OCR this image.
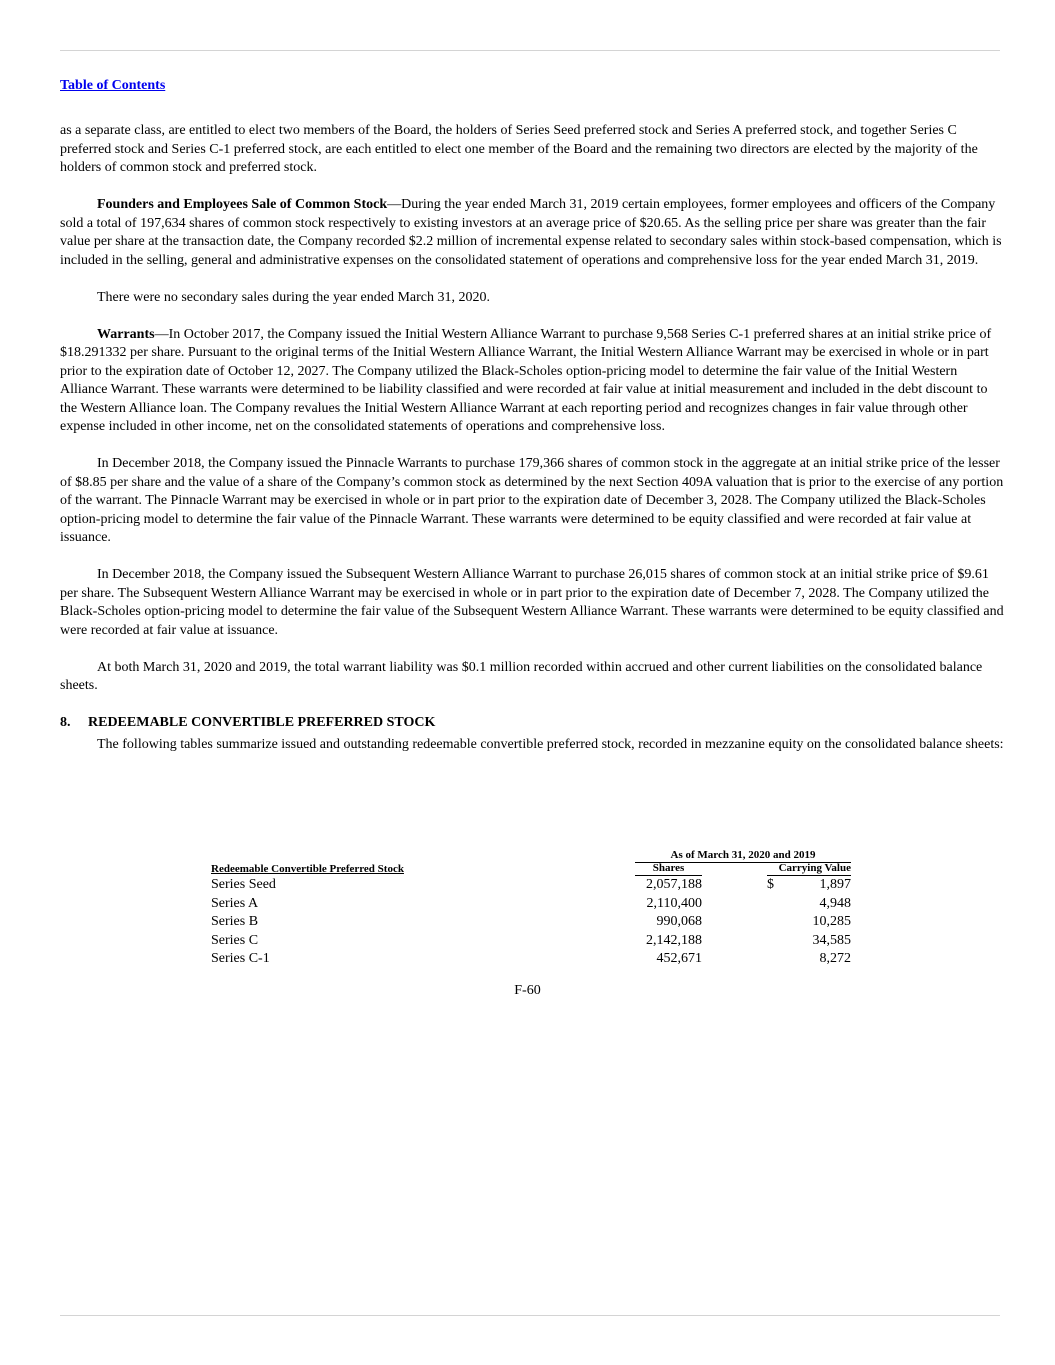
Table of Contents

as a separate class, are entitled to elect two members of the Board, the holders of Series Seed preferred stock and Series A preferred stock, and together Series C preferred stock and Series C-1 preferred stock, are each entitled to elect one member of the Board and the remaining two directors are elected by the majority of the holders of common stock and preferred stock.

Founders and Employees Sale of Common Stock—During the year ended March 31, 2019 certain employees, former employees and officers of the Company sold a total of 197,634 shares of common stock respectively to existing investors at an average price of $20.65. As the selling price per share was greater than the fair value per share at the transaction date, the Company recorded $2.2 million of incremental expense related to secondary sales within stock-based compensation, which is included in the selling, general and administrative expenses on the consolidated statement of operations and comprehensive loss for the year ended March 31, 2019.

There were no secondary sales during the year ended March 31, 2020.

Warrants—In October 2017, the Company issued the Initial Western Alliance Warrant to purchase 9,568 Series C-1 preferred shares at an initial strike price of $18.291332 per share. Pursuant to the original terms of the Initial Western Alliance Warrant, the Initial Western Alliance Warrant may be exercised in whole or in part prior to the expiration date of October 12, 2027. The Company utilized the Black-Scholes option-pricing model to determine the fair value of the Initial Western Alliance Warrant. These warrants were determined to be liability classified and were recorded at fair value at initial measurement and included in the debt discount to the Western Alliance loan. The Company revalues the Initial Western Alliance Warrant at each reporting period and recognizes changes in fair value through other expense included in other income, net on the consolidated statements of operations and comprehensive loss.

In December 2018, the Company issued the Pinnacle Warrants to purchase 179,366 shares of common stock in the aggregate at an initial strike price of the lesser of $8.85 per share and the value of a share of the Company’s common stock as determined by the next Section 409A valuation that is prior to the exercise of any portion of the warrant. The Pinnacle Warrant may be exercised in whole or in part prior to the expiration date of December 3, 2028. The Company utilized the Black-Scholes option-pricing model to determine the fair value of the Pinnacle Warrant. These warrants were determined to be equity classified and were recorded at fair value at issuance.

In December 2018, the Company issued the Subsequent Western Alliance Warrant to purchase 26,015 shares of common stock at an initial strike price of $9.61 per share. The Subsequent Western Alliance Warrant may be exercised in whole or in part prior to the expiration date of December 7, 2028. The Company utilized the Black-Scholes option-pricing model to determine the fair value of the Subsequent Western Alliance Warrant. These warrants were determined to be equity classified and were recorded at fair value at issuance.

At both March 31, 2020 and 2019, the total warrant liability was $0.1 million recorded within accrued and other current liabilities on the consolidated balance sheets.

8. REDEEMABLE CONVERTIBLE PREFERRED STOCK

The following tables summarize issued and outstanding redeemable convertible preferred stock, recorded in mezzanine equity on the consolidated balance sheets:

As of March 31, 2020 and 2019
Redeemable Convertible Preferred Stock	Shares	Carrying Value
Series Seed	2,057,188	$	1,897
Series A	2,110,400	4,948
Series B	990,068	10,285
Series C	2,142,188	34,585
Series C-1	452,671	8,272
F-60
